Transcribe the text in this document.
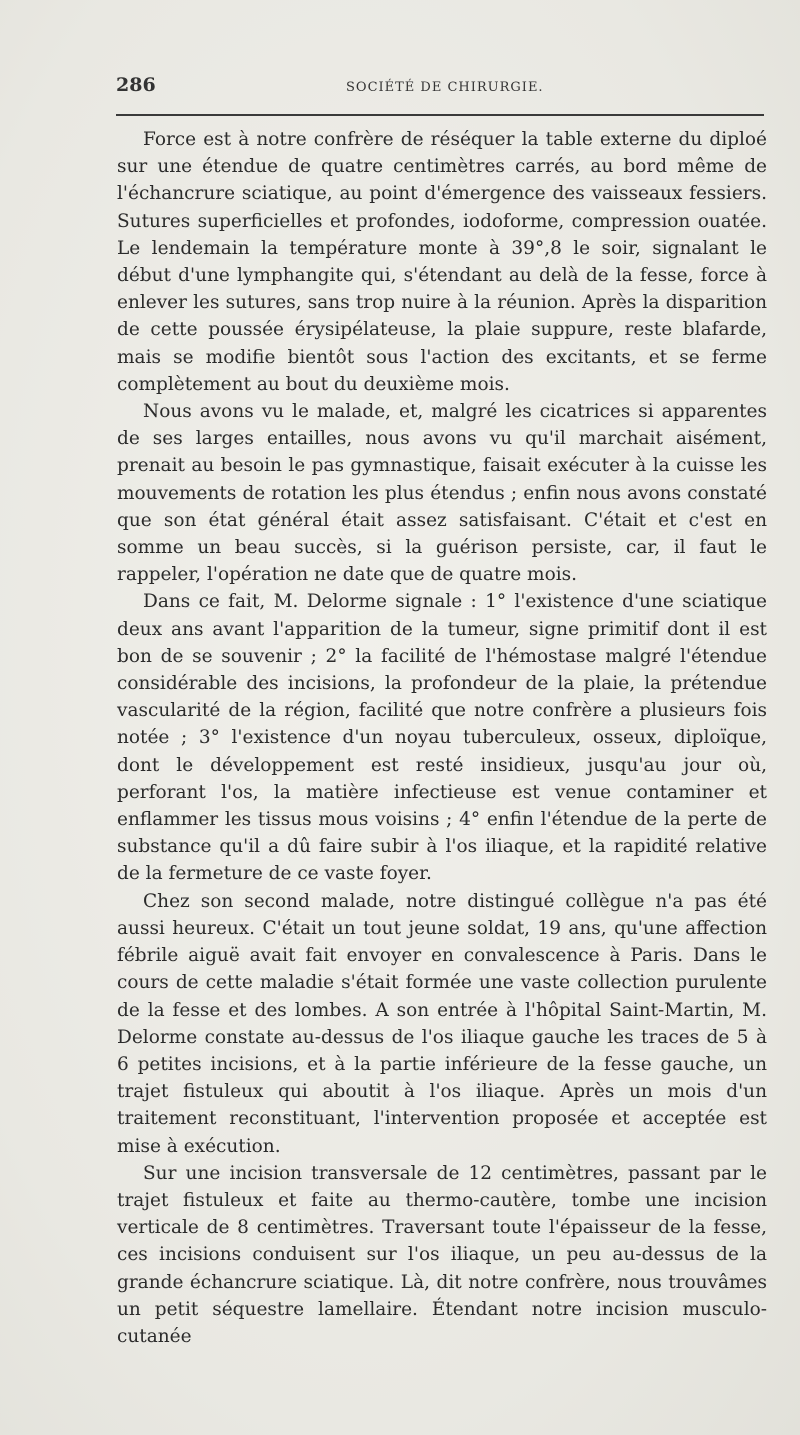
286	SOCIÉTÉ DE CHIRURGIE.

Force est à notre confrère de réséquer la table externe du diploé sur une étendue de quatre centimètres carrés, au bord même de l'échancrure sciatique, au point d'émergence des vaisseaux fessiers. Sutures superficielles et profondes, iodoforme, compression ouatée. Le lendemain la température monte à 39°,8 le soir, signalant le début d'une lymphangite qui, s'étendant au delà de la fesse, force à enlever les sutures, sans trop nuire à la réunion. Après la disparition de cette poussée érysipélateuse, la plaie suppure, reste blafarde, mais se modifie bientôt sous l'action des excitants, et se ferme complètement au bout du deuxième mois.

Nous avons vu le malade, et, malgré les cicatrices si apparentes de ses larges entailles, nous avons vu qu'il marchait aisément, prenait au besoin le pas gymnastique, faisait exécuter à la cuisse les mouvements de rotation les plus étendus ; enfin nous avons constaté que son état général était assez satisfaisant. C'était et c'est en somme un beau succès, si la guérison persiste, car, il faut le rappeler, l'opération ne date que de quatre mois.

Dans ce fait, M. Delorme signale : 1° l'existence d'une sciatique deux ans avant l'apparition de la tumeur, signe primitif dont il est bon de se souvenir ; 2° la facilité de l'hémostase malgré l'étendue considérable des incisions, la profondeur de la plaie, la prétendue vascularité de la région, facilité que notre confrère a plusieurs fois notée ; 3° l'existence d'un noyau tuberculeux, osseux, diploïque, dont le développement est resté insidieux, jusqu'au jour où, perforant l'os, la matière infectieuse est venue contaminer et enflammer les tissus mous voisins ; 4° enfin l'étendue de la perte de substance qu'il a dû faire subir à l'os iliaque, et la rapidité relative de la fermeture de ce vaste foyer.

Chez son second malade, notre distingué collègue n'a pas été aussi heureux. C'était un tout jeune soldat, 19 ans, qu'une affection fébrile aiguë avait fait envoyer en convalescence à Paris. Dans le cours de cette maladie s'était formée une vaste collection purulente de la fesse et des lombes. A son entrée à l'hôpital Saint-Martin, M. Delorme constate au-dessus de l'os iliaque gauche les traces de 5 à 6 petites incisions, et à la partie inférieure de la fesse gauche, un trajet fistuleux qui aboutit à l'os iliaque. Après un mois d'un traitement reconstituant, l'intervention proposée et acceptée est mise à exécution.

Sur une incision transversale de 12 centimètres, passant par le trajet fistuleux et faite au thermo-cautère, tombe une incision verticale de 8 centimètres. Traversant toute l'épaisseur de la fesse, ces incisions conduisent sur l'os iliaque, un peu au-dessus de la grande échancrure sciatique. Là, dit notre confrère, nous trouvâmes un petit séquestre lamellaire. Étendant notre incision musculo-cutanée
